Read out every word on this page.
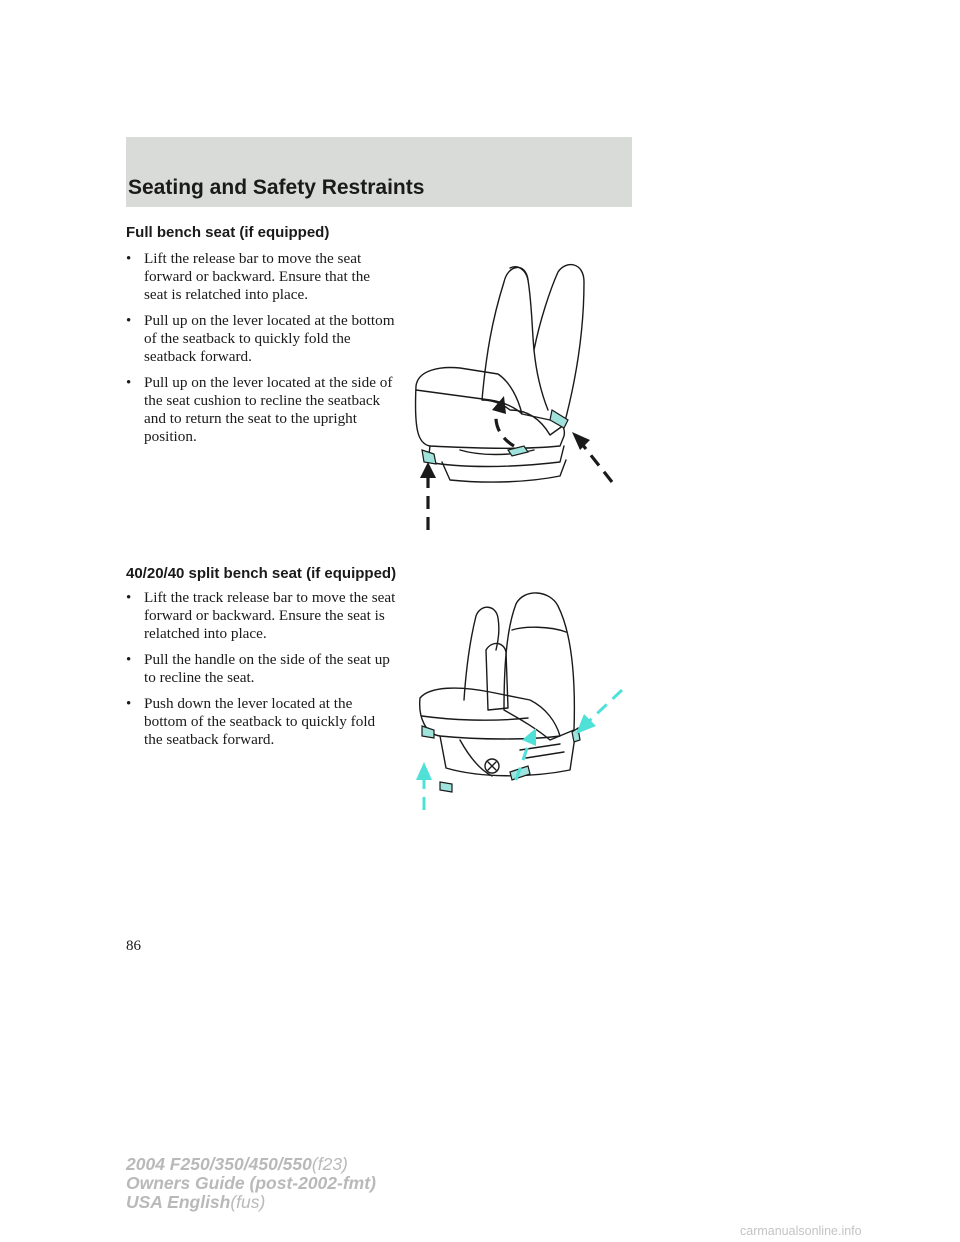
Seating and Safety Restraints
Full bench seat (if equipped)
• Lift the release bar to move the seat forward or backward. Ensure that the seat is relatched into place.
• Pull up on the lever located at the bottom of the seatback to quickly fold the seatback forward.
• Pull up on the lever located at the side of the seat cushion to recline the seatback and to return the seat to the upright position.
40/20/40 split bench seat (if equipped)
• Lift the track release bar to move the seat forward or backward. Ensure the seat is relatched into place.
• Pull the handle on the side of the seat up to recline the seat.
• Push down the lever located at the bottom of the seatback to quickly fold the seatback forward.
86
2004 F250/350/450/550(f23)
Owners Guide (post-2002-fmt)
USA English(fus)
carmanualsonline.info
